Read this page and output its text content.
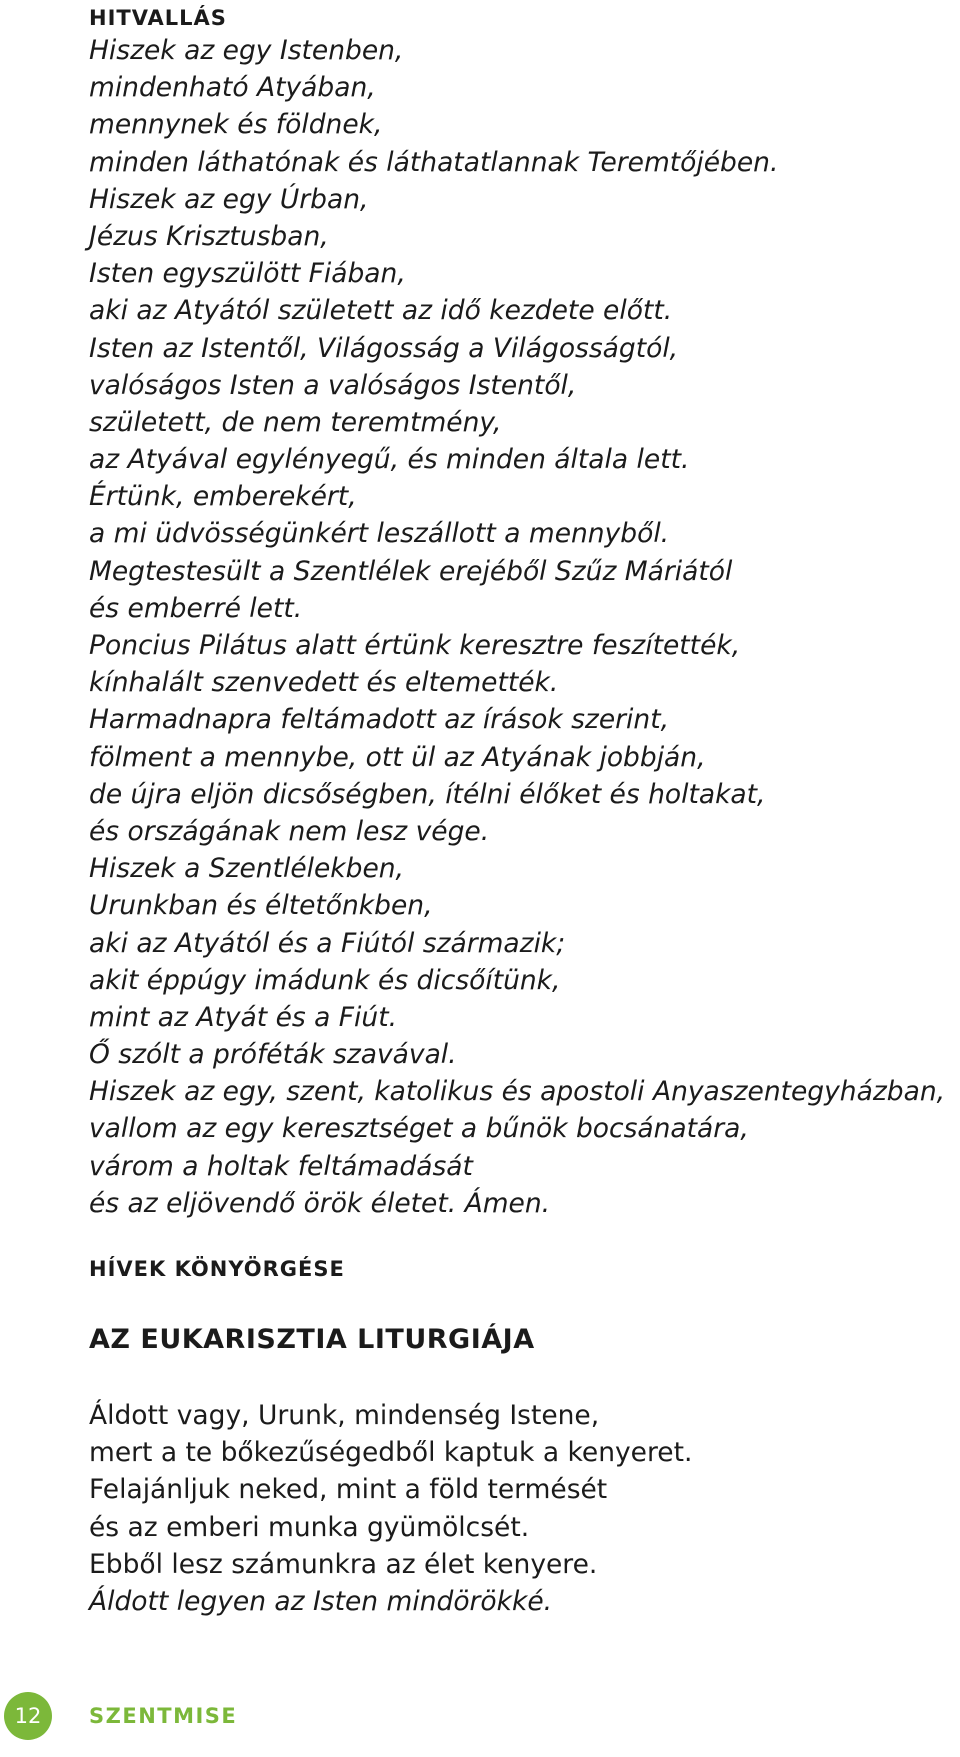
HITVALLÁS
Hiszek az egy Istenben,
mindenható Atyában,
mennynek és földnek,
minden láthatónak és láthatatlannak Teremtőjében.
Hiszek az egy Úrban,
Jézus Krisztusban,
Isten egyszülött Fiában,
aki az Atyától született az idő kezdete előtt.
Isten az Istentől, Világosság a Világosságtól,
valóságos Isten a valóságos Istentől,
született, de nem teremtmény,
az Atyával egylényegű, és minden általa lett.
Értünk, emberekért,
a mi üdvösségünkért leszállott a mennyből.
Megtestesült a Szentlélek erejéből Szűz Máriától
és emberré lett.
Poncius Pilátus alatt értünk keresztre feszítették,
kínhalált szenvedett és eltemették.
Harmadnapra feltámadott az írások szerint,
fölment a mennybe, ott ül az Atyának jobbján,
de újra eljön dicsőségben, ítélni élőket és holtakat,
és országának nem lesz vége.
Hiszek a Szentlélekben,
Urunkban és éltetőnkben,
aki az Atyától és a Fiútól származik;
akit éppúgy imádunk és dicsőítünk,
mint az Atyát és a Fiút.
Ő szólt a próféták szavával.
Hiszek az egy, szent, katolikus és apostoli Anyaszentegyházban,
vallom az egy keresztséget a bűnök bocsánatára,
várom a holtak feltámadását
és az eljövendő örök életet. Ámen.
HÍVEK KÖNYÖRGÉSE
AZ EUKARISZTIA LITURGIÁJA
Áldott vagy, Urunk, mindenség Istene,
mert a te bőkezűségedből kaptuk a kenyeret.
Felajánljuk neked, mint a föld termését
és az emberi munka gyümölcsét.
Ebből lesz számunkra az élet kenyere.
Áldott legyen az Isten mindörökké.
12	SZENTMISE
